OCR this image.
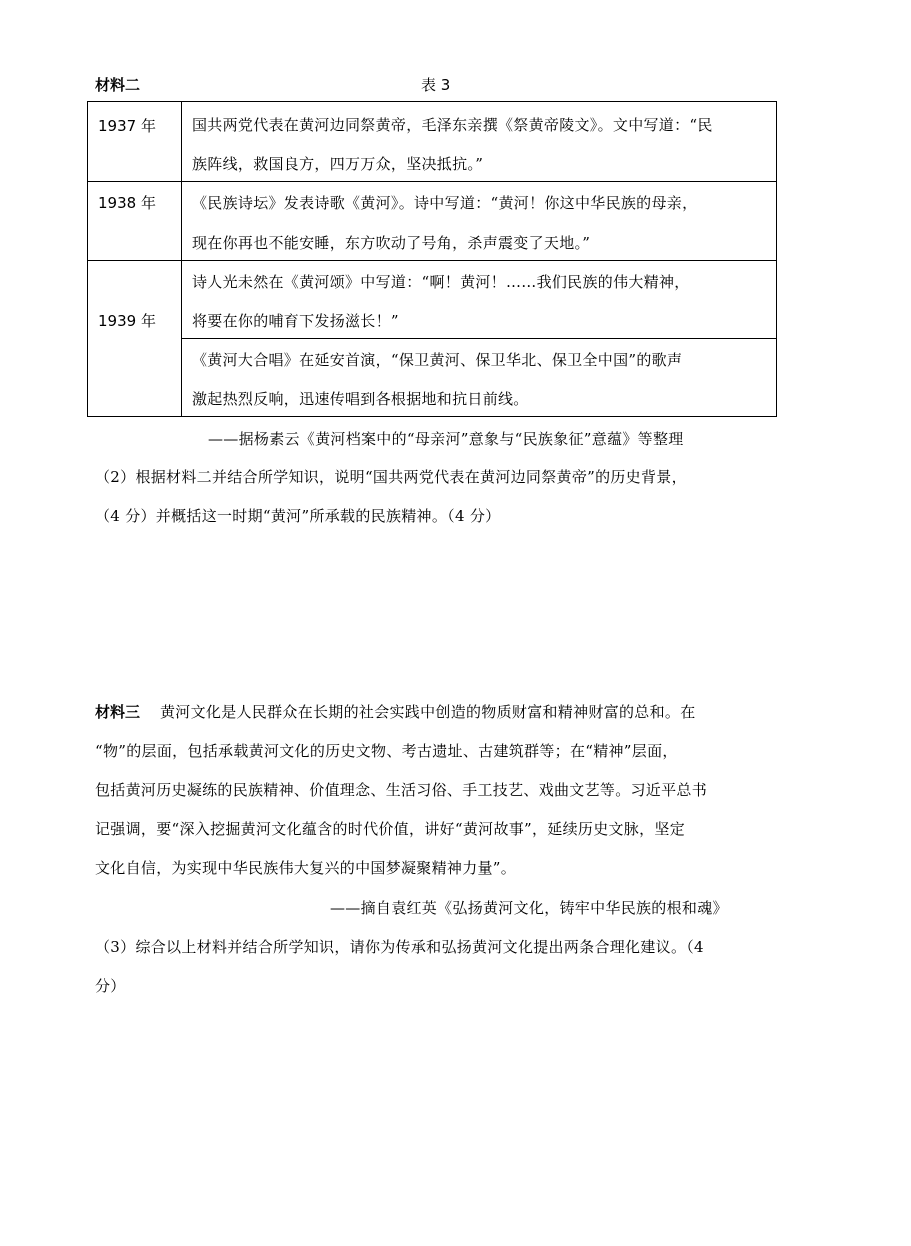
材料二	表 3
1937 年 国共两党代表在黄河边同祭黄帝，毛泽东亲撰《祭黄帝陵文》。文中写道：“民
族阵线，救国良方，四万万众，坚决抵抗。”
1938 年 《民族诗坛》发表诗歌《黄河》。诗中写道：“黄河！你这中华民族的母亲，
现在你再也不能安睡，东方吹动了号角，杀声震变了天地。”
1939 年
诗人光未然在《黄河颂》中写道：“啊！黄河！……我们民族的伟大精神，
将要在你的哺育下发扬滋长！”
《黄河大合唱》在延安首演，“保卫黄河、保卫华北、保卫全中国”的歌声
激起热烈反响，迅速传唱到各根据地和抗日前线。
——据杨素云《黄河档案中的“母亲河”意象与“民族象征”意蕴》等整理
（2）根据材料二并结合所学知识，说明“国共两党代表在黄河边同祭黄帝”的历史背景，
（4 分）并概括这一时期“黄河”所承载的民族精神。（4 分）
材料三 黄河文化是人民群众在长期的社会实践中创造的物质财富和精神财富的总和。在
“物”的层面，包括承载黄河文化的历史文物、考古遗址、古建筑群等；在“精神”层面，
包括黄河历史凝练的民族精神、价值理念、生活习俗、手工技艺、戏曲文艺等。习近平总书
记强调，要“深入挖掘黄河文化蕴含的时代价值，讲好“黄河故事”，延续历史文脉，坚定
文化自信，为实现中华民族伟大复兴的中国梦凝聚精神力量”。
——摘自袁红英《弘扬黄河文化，铸牢中华民族的根和魂》
（3）综合以上材料并结合所学知识，请你为传承和弘扬黄河文化提出两条合理化建议。（4
分）
